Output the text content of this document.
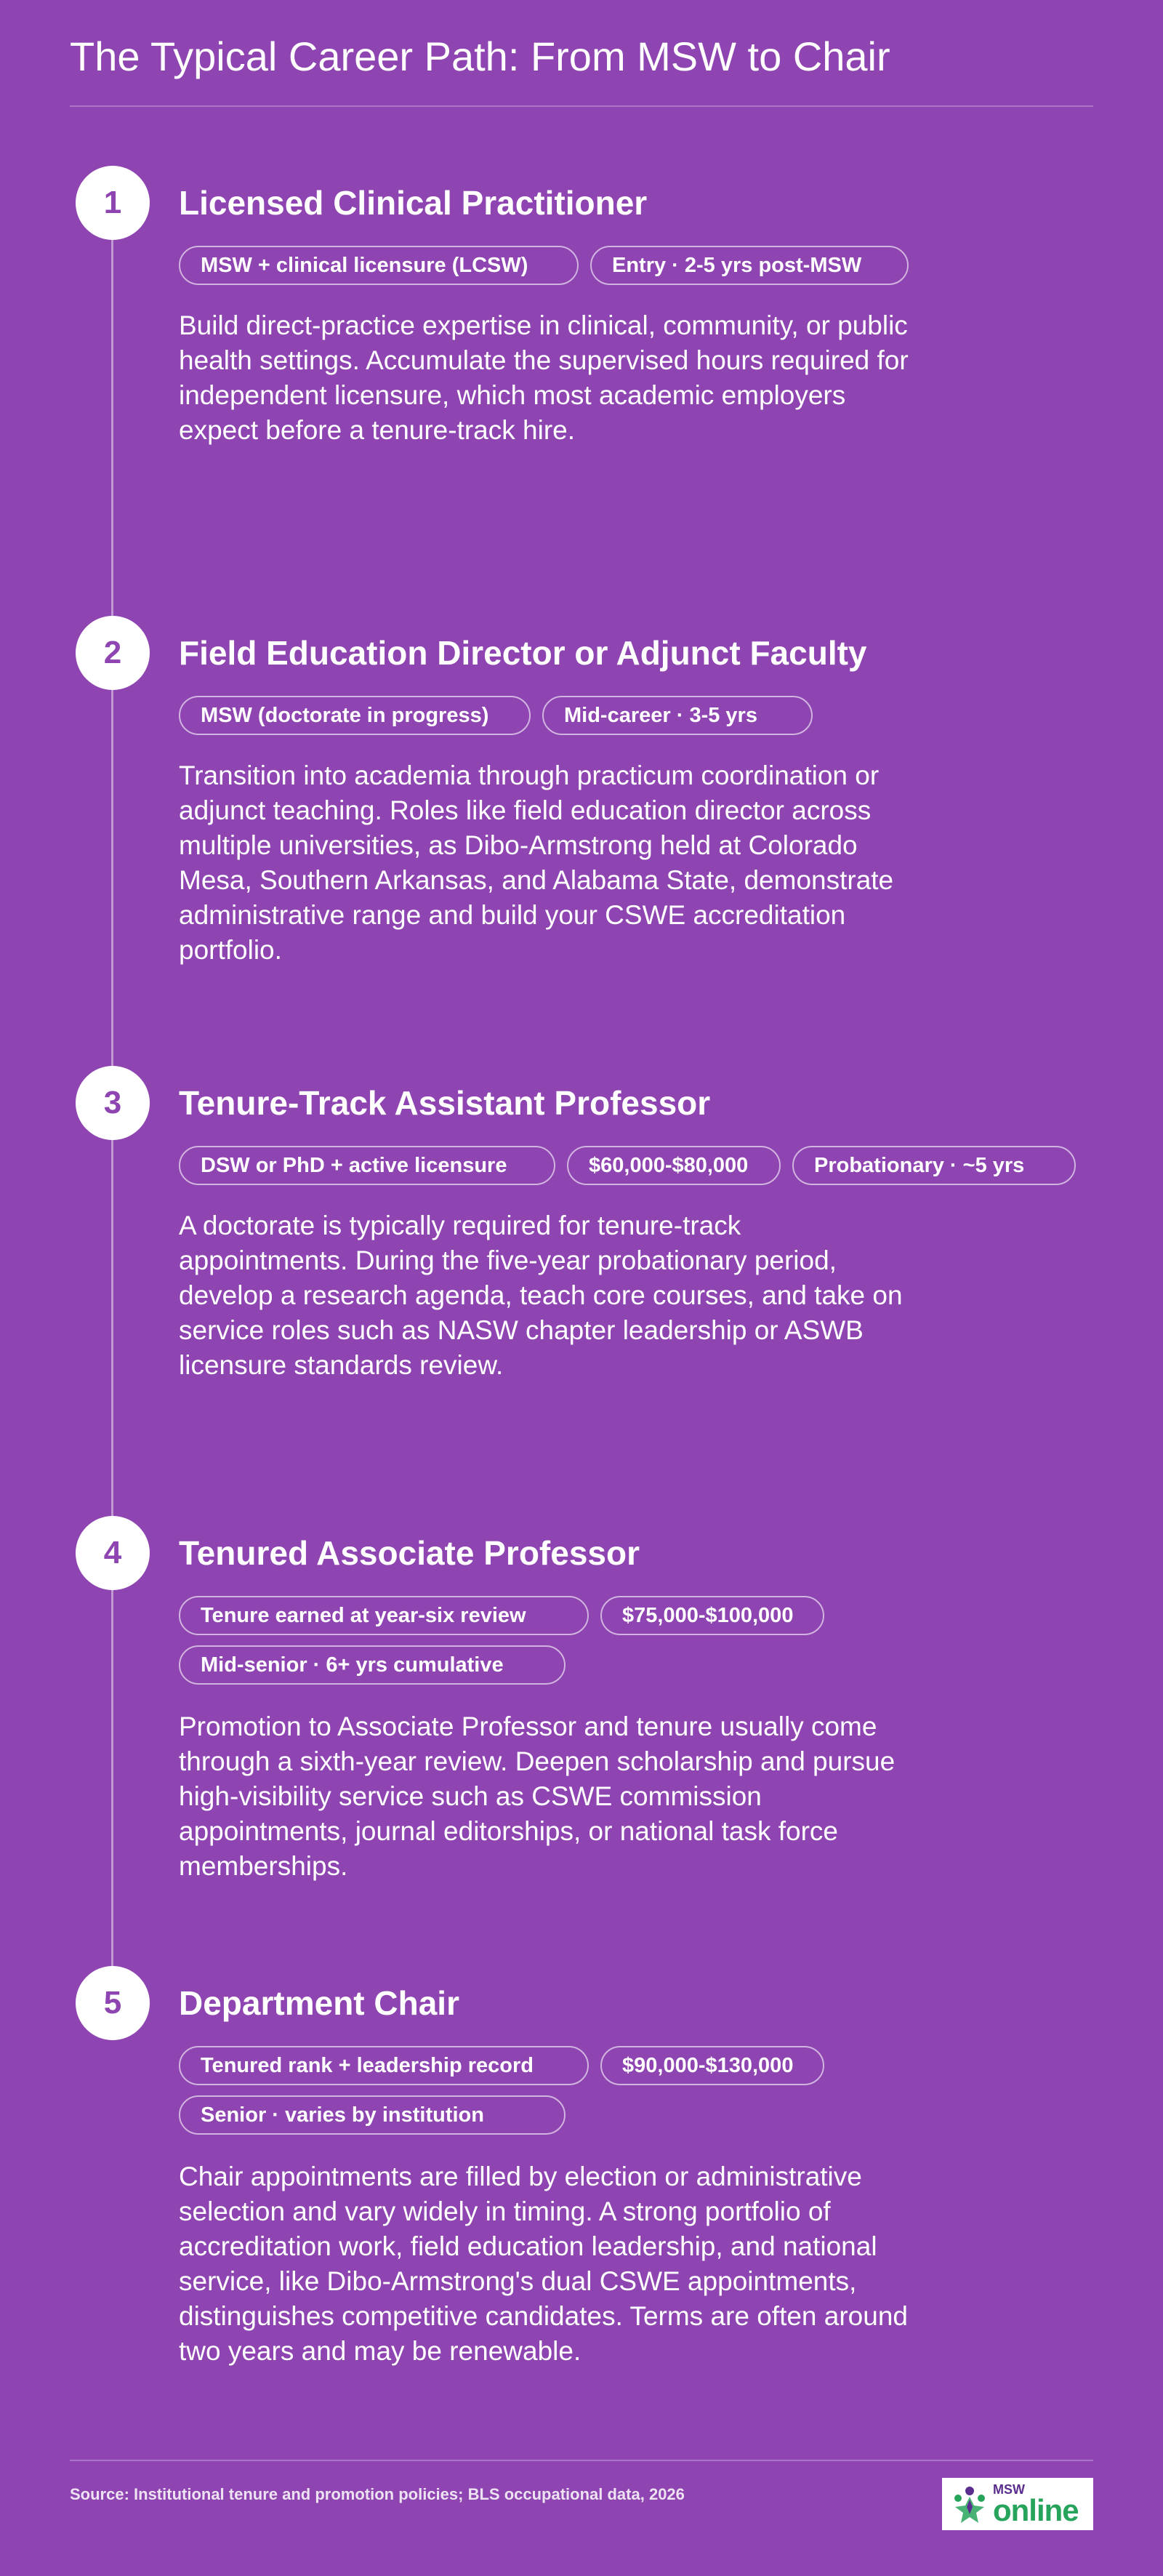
The Typical Career Path: From MSW to Chair
1	Licensed Clinical Practitioner
MSW + clinical licensure (LCSW)	Entry · 2-5 yrs post-MSW
Build direct-practice expertise in clinical, community, or public health settings. Accumulate the supervised hours required for independent licensure, which most academic employers expect before a tenure-track hire.
2	Field Education Director or Adjunct Faculty
MSW (doctorate in progress)	Mid-career · 3-5 yrs
Transition into academia through practicum coordination or adjunct teaching. Roles like field education director across multiple universities, as Dibo-Armstrong held at Colorado Mesa, Southern Arkansas, and Alabama State, demonstrate administrative range and build your CSWE accreditation portfolio.
3	Tenure-Track Assistant Professor
DSW or PhD + active licensure	$60,000-$80,000	Probationary · ~5 yrs
A doctorate is typically required for tenure-track appointments. During the five-year probationary period, develop a research agenda, teach core courses, and take on service roles such as NASW chapter leadership or ASWB licensure standards review.
4	Tenured Associate Professor
Tenure earned at year-six review	$75,000-$100,000
Mid-senior · 6+ yrs cumulative
Promotion to Associate Professor and tenure usually come through a sixth-year review. Deepen scholarship and pursue high-visibility service such as CSWE commission appointments, journal editorships, or national task force memberships.
5	Department Chair
Tenured rank + leadership record	$90,000-$130,000
Senior · varies by institution
Chair appointments are filled by election or administrative selection and vary widely in timing. A strong portfolio of accreditation work, field education leadership, and national service, like Dibo-Armstrong's dual CSWE appointments, distinguishes competitive candidates. Terms are often around two years and may be renewable.
Source: Institutional tenure and promotion policies; BLS occupational data, 2026	MSW
online
